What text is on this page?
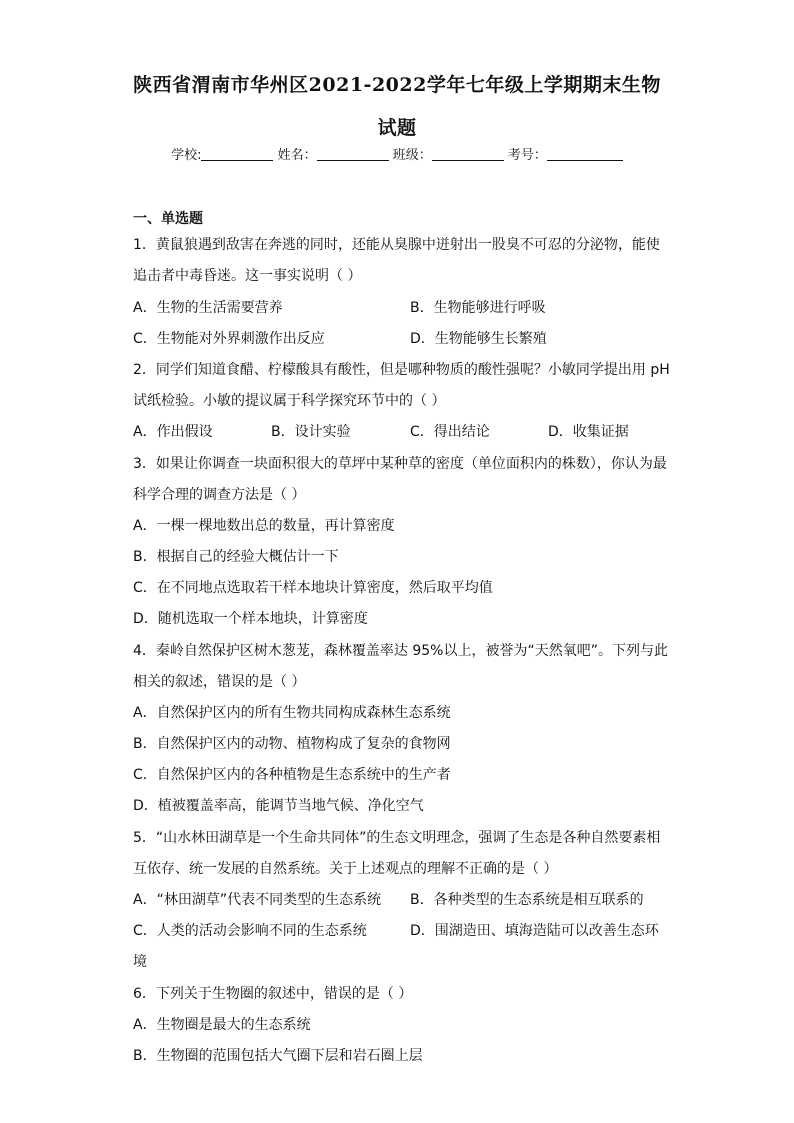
陕西省渭南市华州区2021-2022学年七年级上学期期末生物
试题
学校:	姓名：	班级：	考号：
一、单选题
1．黄鼠狼遇到敌害在奔逃的同时，还能从臭腺中迸射出一股臭不可忍的分泌物，能使
追击者中毒昏迷。这一事实说明（ ）
A．生物的生活需要营养	B．生物能够进行呼吸
C．生物能对外界刺激作出反应	D．生物能够生长繁殖
2．同学们知道食醋、柠檬酸具有酸性，但是哪种物质的酸性强呢？小敏同学提出用 pH
试纸检验。小敏的提议属于科学探究环节中的（ ）
A．作出假设	B．设计实验	C．得出结论	D．收集证据
3．如果让你调查一块面积很大的草坪中某种草的密度（单位面积内的株数），你认为最
科学合理的调查方法是（ ）
A．一棵一棵地数出总的数量，再计算密度
B．根据自己的经验大概估计一下
C．在不同地点选取若干样本地块计算密度，然后取平均值
D．随机选取一个样本地块，计算密度
4．秦岭自然保护区树木葱茏，森林覆盖率达 95%以上，被誉为“天然氧吧”。下列与此
相关的叙述，错误的是（ ）
A．自然保护区内的所有生物共同构成森林生态系统
B．自然保护区内的动物、植物构成了复杂的食物网
C．自然保护区内的各种植物是生态系统中的生产者
D．植被覆盖率高，能调节当地气候、净化空气
5．“山水林田湖草是一个生命共同体”的生态文明理念，强调了生态是各种自然要素相
互依存、统一发展的自然系统。关于上述观点的理解不正确的是（ ）
A．“林田湖草”代表不同类型的生态系统 B．各种类型的生态系统是相互联系的
C．人类的活动会影响不同的生态系统	D．围湖造田、填海造陆可以改善生态环
境
6．下列关于生物圈的叙述中，错误的是（ ）
A．生物圈是最大的生态系统
B．生物圈的范围包括大气圈下层和岩石圈上层
